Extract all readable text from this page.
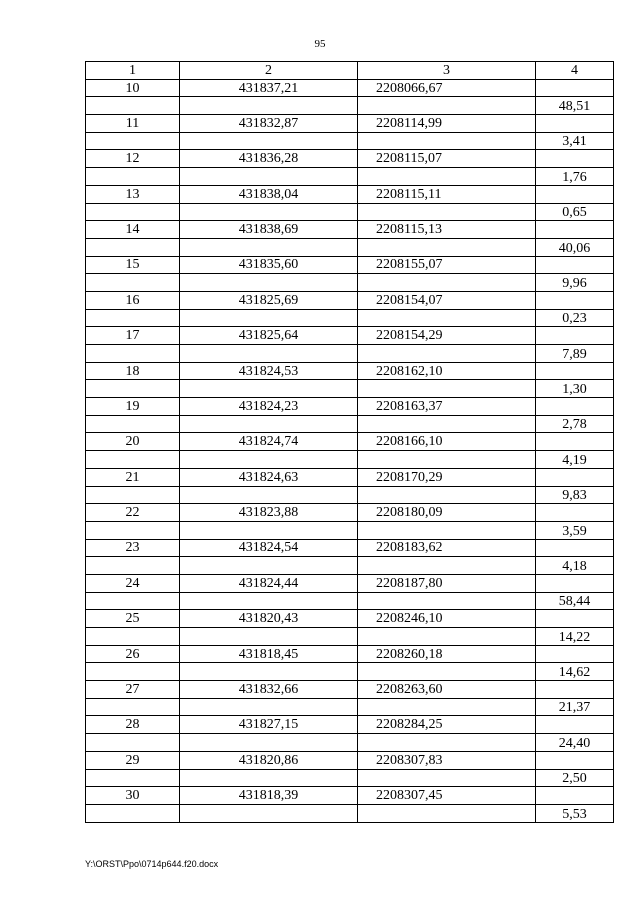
95
1	2	3	4
10	431837,21	2208066,67	
			48,51
11	431832,87	2208114,99	
			3,41
12	431836,28	2208115,07	
			1,76
13	431838,04	2208115,11	
			0,65
14	431838,69	2208115,13	
			40,06
15	431835,60	2208155,07	
			9,96
16	431825,69	2208154,07	
			0,23
17	431825,64	2208154,29	
			7,89
18	431824,53	2208162,10	
			1,30
19	431824,23	2208163,37	
			2,78
20	431824,74	2208166,10	
			4,19
21	431824,63	2208170,29	
			9,83
22	431823,88	2208180,09	
			3,59
23	431824,54	2208183,62	
			4,18
24	431824,44	2208187,80	
			58,44
25	431820,43	2208246,10	
			14,22
26	431818,45	2208260,18	
			14,62
27	431832,66	2208263,60	
			21,37
28	431827,15	2208284,25	
			24,40
29	431820,86	2208307,83	
			2,50
30	431818,39	2208307,45	
			5,53
Y:\ORST\Ppo\0714p644.f20.docx
